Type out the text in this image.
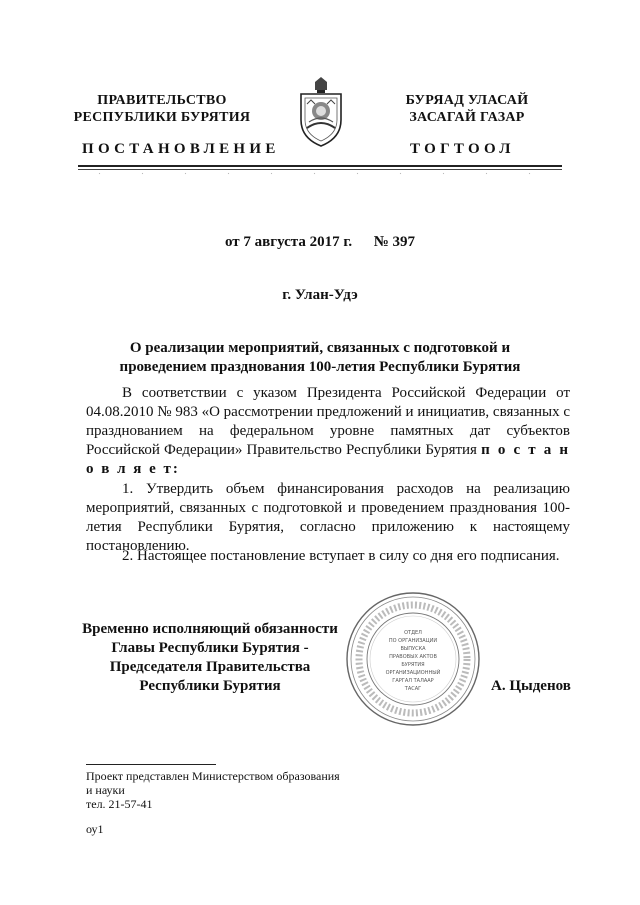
ПРАВИТЕЛЬСТВО
РЕСПУБЛИКИ БУРЯТИЯ
БУРЯАД УЛАСАЙ
ЗАСАГАЙ ГАЗАР
ПОСТАНОВЛЕНИЕ	ТОГТООЛ
от 7 августа 2017 г. № 397
г. Улан-Удэ
О реализации мероприятий, связанных с подготовкой и
проведением празднования 100-летия Республики Бурятия
В соответствии с указом Президента Российской Федерации от 04.08.2010 № 983 «О рассмотрении предложений и инициатив, связанных с празднованием на федеральном уровне памятных дат субъектов Российской Федерации» Правительство Республики Бурятия п о с т а н о в л я е т:
1. Утвердить объем финансирования расходов на реализацию мероприятий, связанных с подготовкой и проведением празднования 100-летия Республики Бурятия, согласно приложению к настоящему постановлению.
2. Настоящее постановление вступает в силу со дня его подписания.
Временно исполняющий обязанности
Главы Республики Бурятия -
Председателя Правительства
Республики Бурятия
ОТДЕЛ
ПО ОРГАНИЗАЦИИ
ВЫПУСКА
ПРАВОВЫХ АКТОВ
БУРЯТИЯ
ОРГАНИЗАЦИОННЫЙ
ГАРГАЛ ТАЛААР
ТАСАГ	А. Цыденов
Проект представлен Министерством образования
и науки
тел. 21-57-41
оу1
